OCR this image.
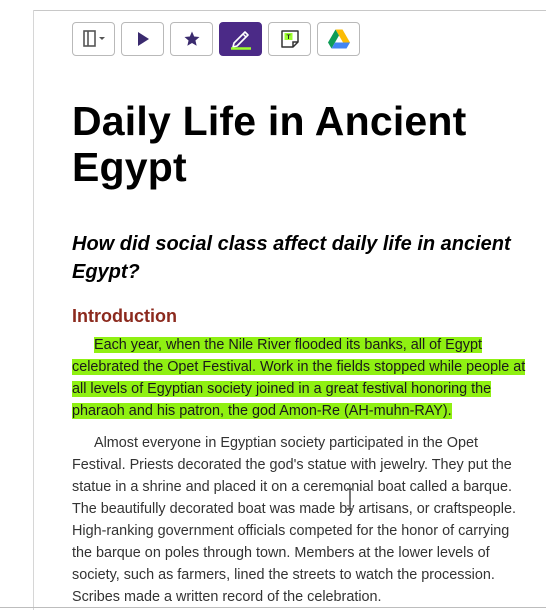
T
Daily Life in Ancient Egypt
How did social class affect daily life in ancient Egypt?
Introduction

Each year, when the Nile River flooded its banks, all of Egypt celebrated the Opet Festival. Work in the fields stopped while people at all levels of Egyptian society joined in a great festival honoring the pharaoh and his patron, the god Amon-Re (AH-muhn-RAY).

Almost everyone in Egyptian society participated in the Opet Festival. Priests decorated the god's statue with jewelry. They put the statue in a shrine and placed it on a ceremonial boat called a barque. The beautifully decorated boat was made by artisans, or craftspeople. High-ranking government officials competed for the honor of carrying the barque on poles through town. Members at the lower levels of society, such as farmers, lined the streets to watch the procession. Scribes made a written record of the celebration.
